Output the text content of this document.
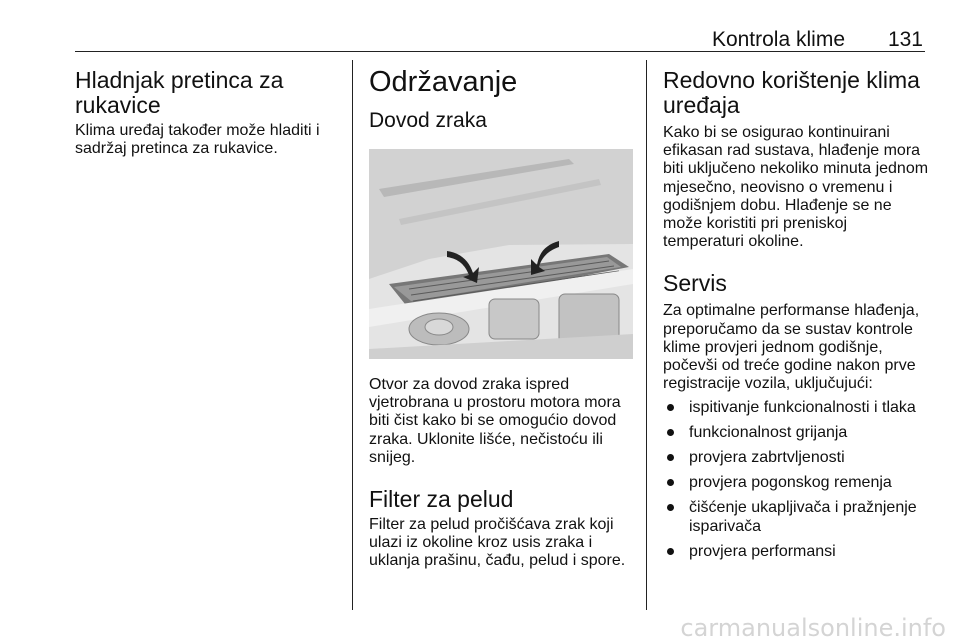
Kontrola klime 131
Hladnjak pretinca za rukavice

Klima uređaj također može hladiti i sadržaj pretinca za rukavice.

Održavanje
Dovod zraka

Otvor za dovod zraka ispred vjetrobrana u prostoru motora mora biti čist kako bi se omogućio dovod zraka. Uklonite lišće, nečistoću ili snijeg.

Filter za pelud

Filter za pelud pročišćava zrak koji ulazi iz okoline kroz usis zraka i uklanja prašinu, čađu, pelud i spore.

Redovno korištenje klima uređaja

Kako bi se osigurao kontinuirani efikasan rad sustava, hlađenje mora biti uključeno nekoliko minuta jednom mjesečno, neovisno o vremenu i godišnjem dobu. Hlađenje se ne može koristiti pri preniskoj temperaturi okoline.

Servis

Za optimalne performanse hlađenja, preporučamo da se sustav kontrole klime provjeri jednom godišnje, počevši od treće godine nakon prve registracije vozila, uključujući:

ispitivanje funkcionalnosti i tlaka
funkcionalnost grijanja
provjera zabrtvljenosti
provjera pogonskog remenja
čišćenje ukapljivača i pražnjenje isparivača
provjera performansi
carmanualsonline.info
